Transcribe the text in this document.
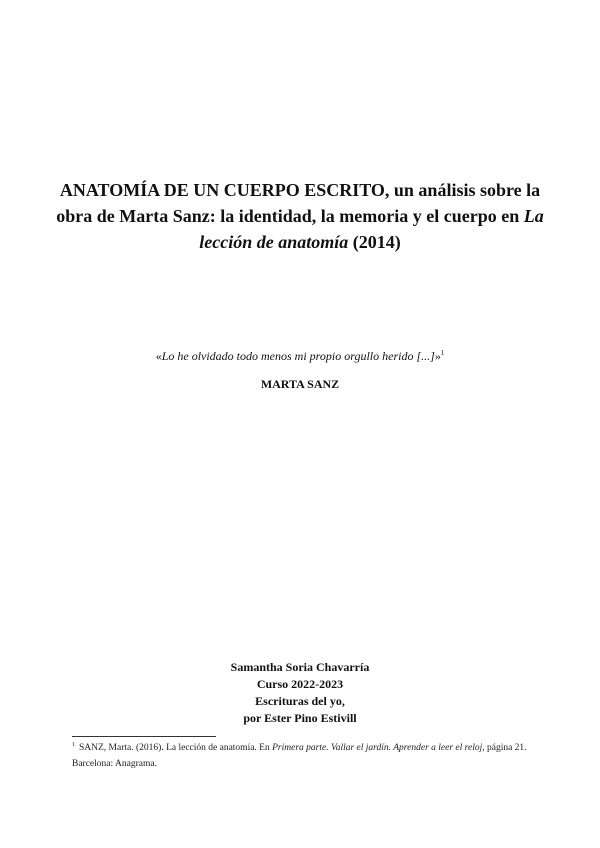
ANATOMÍA DE UN CUERPO ESCRITO, un análisis sobre la obra de Marta Sanz: la identidad, la memoria y el cuerpo en La lección de anatomía (2014)
«Lo he olvidado todo menos mi propio orgullo herido [...]»$^1$
MARTA SANZ
Samantha Soria Chavarría
Curso 2022-2023
Escrituras del yo,
por Ester Pino Estivill
$^1$ SANZ, Marta. (2016). La lección de anatomía. En Primera parte. Vallar el jardín. Aprender a leer el reloj, página 21. Barcelona: Anagrama.
